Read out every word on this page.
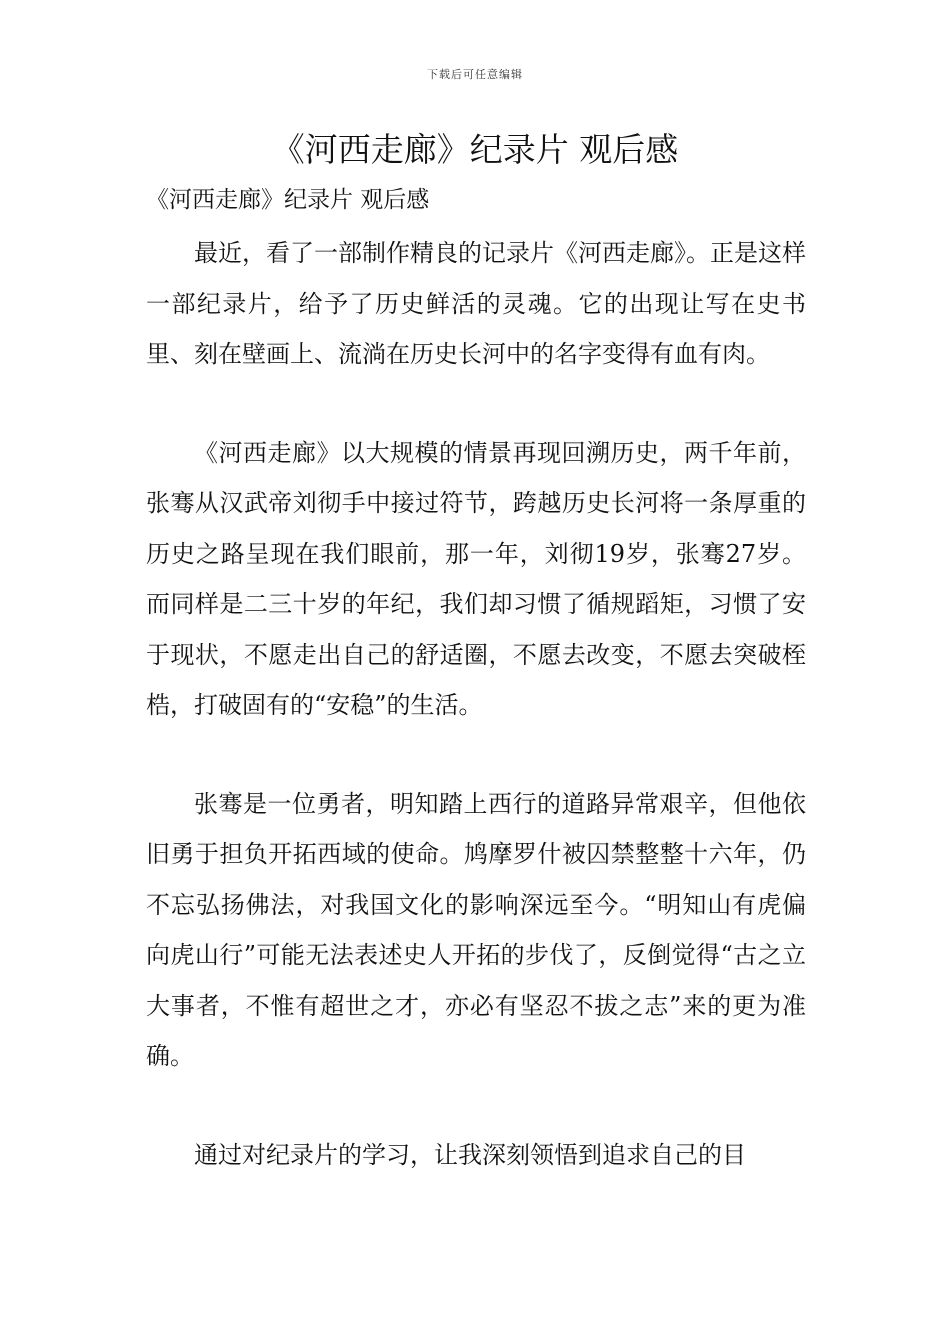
下载后可任意编辑
《河西走廊》纪录片 观后感

《河西走廊》纪录片 观后感

最近，看了一部制作精良的记录片《河西走廊》。正是这样一部纪录片，给予了历史鲜活的灵魂。它的出现让写在史书里、刻在壁画上、流淌在历史长河中的名字变得有血有肉。

《河西走廊》以大规模的情景再现回溯历史，两千年前，张骞从汉武帝刘彻手中接过符节，跨越历史长河将一条厚重的历史之路呈现在我们眼前，那一年，刘彻19岁，张骞27岁。而同样是二三十岁的年纪，我们却习惯了循规蹈矩，习惯了安于现状，不愿走出自己的舒适圈，不愿去改变，不愿去突破桎梏，打破固有的“安稳”的生活。

张骞是一位勇者，明知踏上西行的道路异常艰辛，但他依旧勇于担负开拓西域的使命。鸠摩罗什被囚禁整整十六年，仍不忘弘扬佛法，对我国文化的影响深远至今。“明知山有虎偏向虎山行”可能无法表述史人开拓的步伐了，反倒觉得“古之立大事者，不惟有超世之才，亦必有坚忍不拔之志”来的更为准确。

通过对纪录片的学习，让我深刻领悟到追求自己的目
